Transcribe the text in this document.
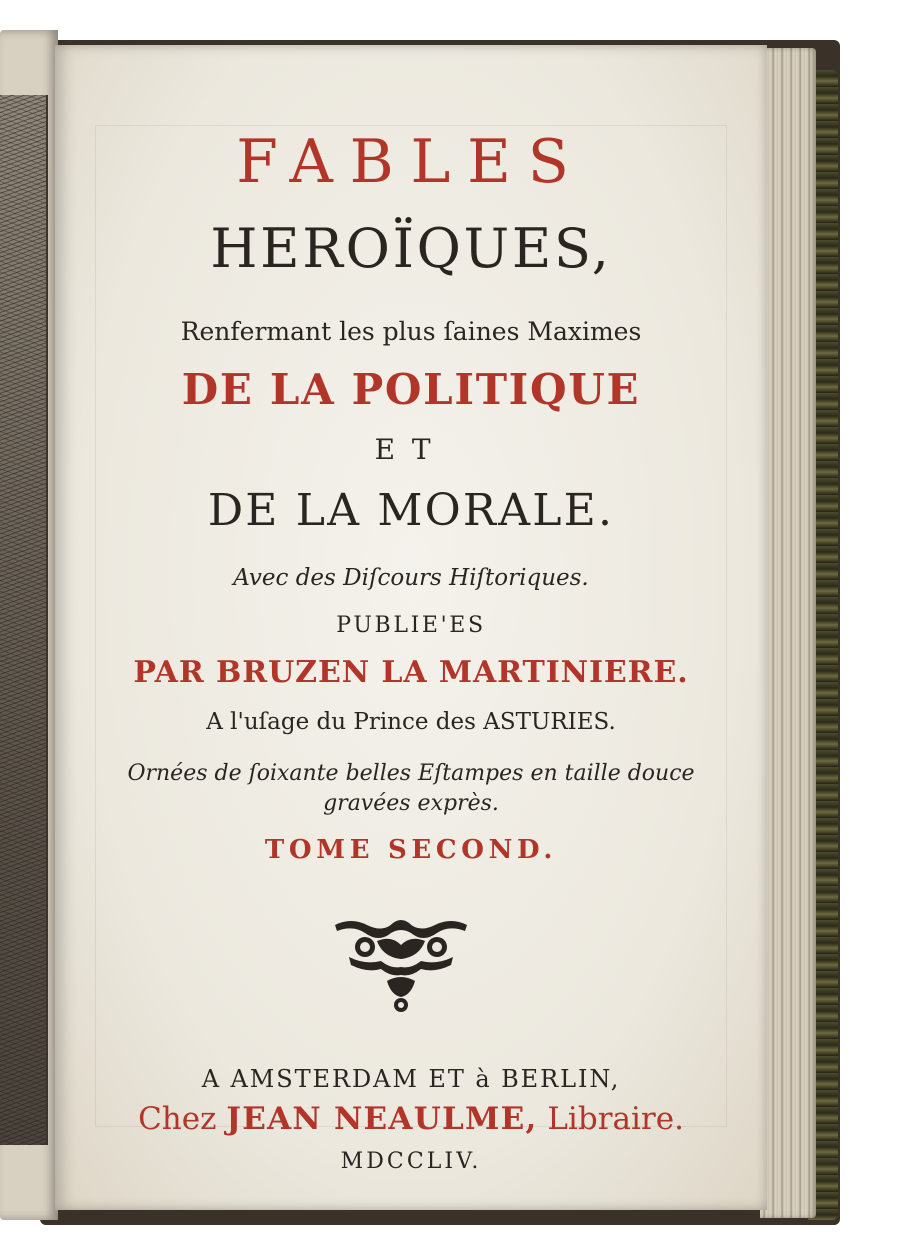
FABLES
HEROÏQUES,
Renfermant les plus ſaines Maximes
DE LA POLITIQUE
ET
DE LA MORALE.
Avec des Diſcours Hiſtoriques.
PUBLIE'ES
PAR BRUZEN LA MARTINIERE.
A l'uſage du Prince des ASTURIES.
Ornées de ſoixante belles Eſtampes en taille douce
gravées exprès.
TOME SECOND.
A AMSTERDAM ET à BERLIN,
Chez JEAN NEAULME, Libraire.
MDCCLIV.
